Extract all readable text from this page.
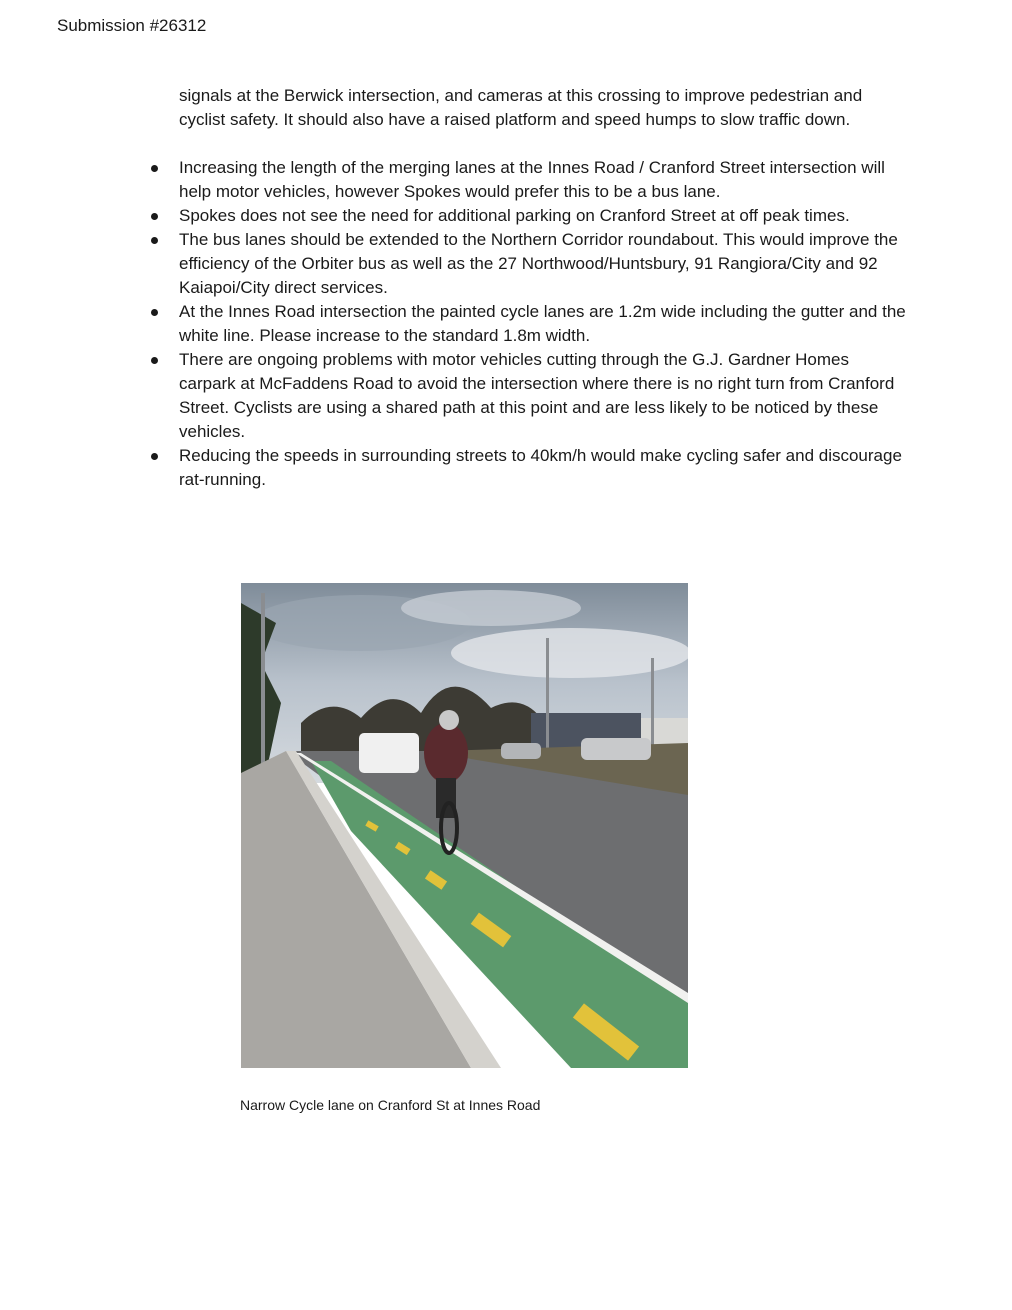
Submission #26312

signals at the Berwick intersection, and cameras at this crossing to improve pedestrian and cyclist safety. It should also have a raised platform and speed humps to slow traffic down.

Increasing the length of the merging lanes at the Innes Road / Cranford Street intersection will help motor vehicles, however Spokes would prefer this to be a bus lane.
Spokes does not see the need for additional parking on Cranford Street at off peak times.
The bus lanes should be extended to the Northern Corridor roundabout. This would improve the efficiency of the Orbiter bus as well as the 27 Northwood/Huntsbury, 91 Rangiora/City and 92 Kaiapoi/City direct services.
At the Innes Road intersection the painted cycle lanes are 1.2m wide including the gutter and the white line. Please increase to the standard 1.8m width.
There are ongoing problems with motor vehicles cutting through the G.J. Gardner Homes carpark at McFaddens Road to avoid the intersection where there is no right turn from Cranford Street. Cyclists are using a shared path at this point and are less likely to be noticed by these vehicles.
Reducing the speeds in surrounding streets to 40km/h would make cycling safer and discourage rat-running.
Narrow Cycle lane on Cranford St at Innes Road
